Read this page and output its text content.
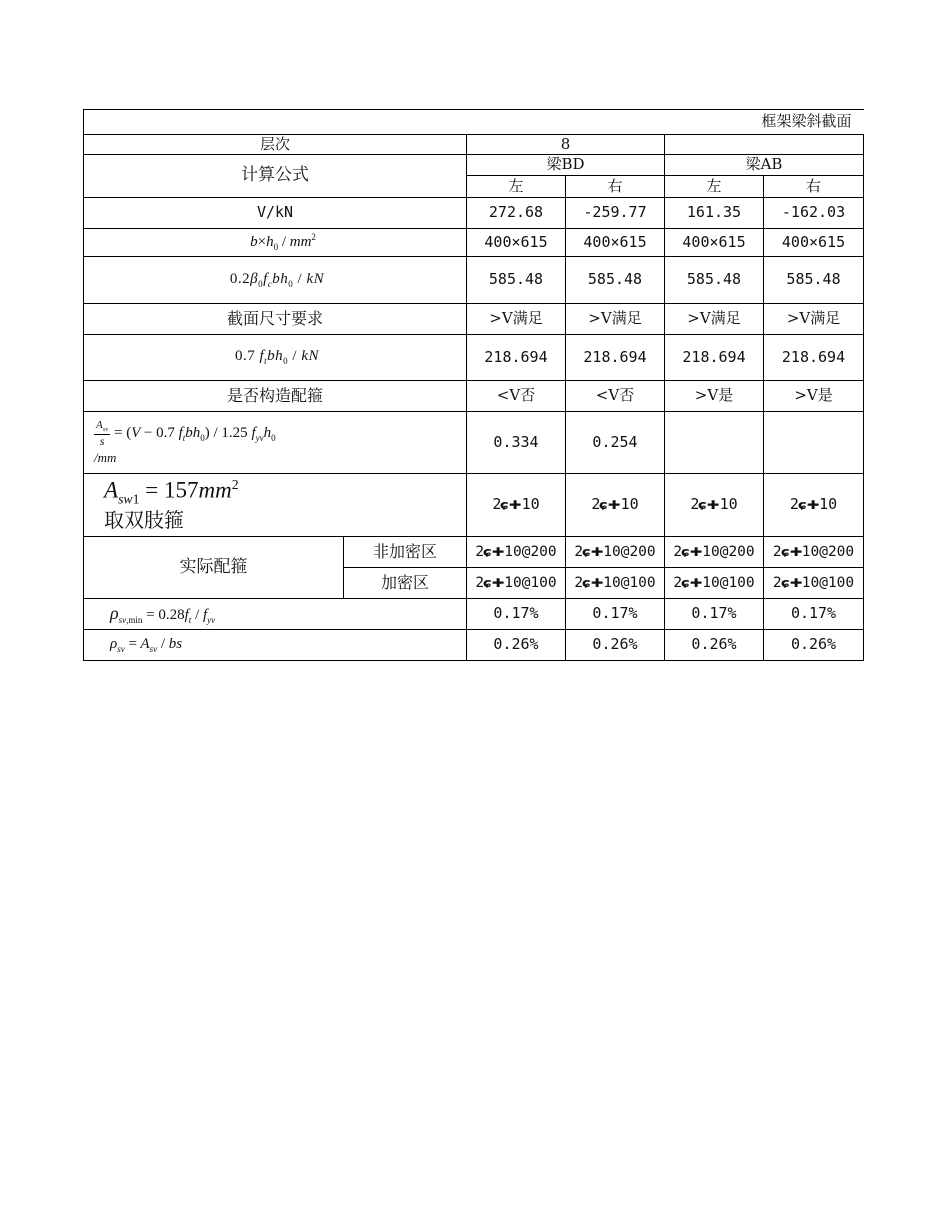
框架梁斜截面					
层次		8			
计算公式		梁BD		梁AB	
		左	右	左	右
V/kN		272.68	-259.77	161.35	-162.03
$b\times h_0 / mm^2$		400×615	400×615	400×615	400×615
$0.2\beta_0f_cbh_0$ / kN		585.48	585.48	585.48	585.48
截面尺寸要求		>V满足	>V满足	>V满足	>V满足
0.7 $f_tbh_0$ / kN		218.694	218.694	218.694	218.694
是否构造配箍		<V否	<V否	>V是	>V是

$\frac{A_{sv}}{s} = (V - 0.7$ $f_tbh_0) / 1.25$ $f_{yv}h_0$
/mm		0.334	0.254		

$A_{sw1} = 157mm^2$
取双肢箍		2ɕ✚10	2ɕ✚10	2ɕ✚10	2ɕ✚10
实际配箍	非加密区	2ɕ✚10@200	2ɕ✚10@200	2ɕ✚10@200	2ɕ✚10@200
	加密区	2ɕ✚10@100	2ɕ✚10@100	2ɕ✚10@100	2ɕ✚10@100
$\rho_{sv,min} = 0.28f_t / f_{yv}$		0.17%	0.17%	0.17%	0.17%
$\rho_{sv} = A_{sv}$ / bs		0.26%	0.26%	0.26%	0.26%
